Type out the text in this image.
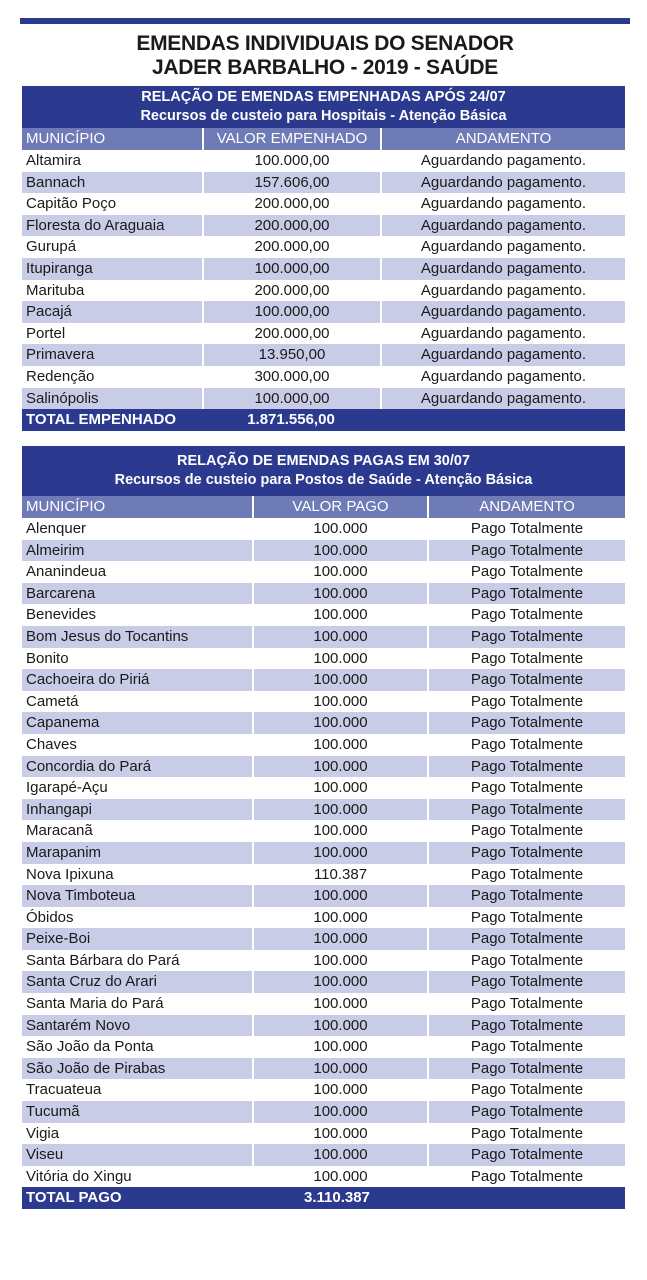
EMENDAS INDIVIDUAIS DO SENADOR
JADER BARBALHO - 2019 - SAÚDE
RELAÇÃO DE EMENDAS EMPENHADAS APÓS 24/07
Recursos de custeio para Hospitais - Atenção Básica
MUNICÍPIO	VALOR EMPENHADO	ANDAMENTO
Altamira	100.000,00	Aguardando pagamento.
Bannach	157.606,00	Aguardando pagamento.
Capitão Poço	200.000,00	Aguardando pagamento.
Floresta do Araguaia	200.000,00	Aguardando pagamento.
Gurupá	200.000,00	Aguardando pagamento.
Itupiranga	100.000,00	Aguardando pagamento.
Marituba	200.000,00	Aguardando pagamento.
Pacajá	100.000,00	Aguardando pagamento.
Portel	200.000,00	Aguardando pagamento.
Primavera	13.950,00	Aguardando pagamento.
Redenção	300.000,00	Aguardando pagamento.
Salinópolis	100.000,00	Aguardando pagamento.
TOTAL EMPENHADO	1.871.556,00
RELAÇÃO DE EMENDAS PAGAS EM 30/07
Recursos de custeio para Postos de Saúde - Atenção Básica
MUNICÍPIO	VALOR PAGO	ANDAMENTO
Alenquer	100.000	Pago Totalmente
Almeirim	100.000	Pago Totalmente
Ananindeua	100.000	Pago Totalmente
Barcarena	100.000	Pago Totalmente
Benevides	100.000	Pago Totalmente
Bom Jesus do Tocantins	100.000	Pago Totalmente
Bonito	100.000	Pago Totalmente
Cachoeira do Piriá	100.000	Pago Totalmente
Cametá	100.000	Pago Totalmente
Capanema	100.000	Pago Totalmente
Chaves	100.000	Pago Totalmente
Concordia do Pará	100.000	Pago Totalmente
Igarapé-Açu	100.000	Pago Totalmente
Inhangapi	100.000	Pago Totalmente
Maracanã	100.000	Pago Totalmente
Marapanim	100.000	Pago Totalmente
Nova Ipixuna	110.387	Pago Totalmente
Nova Timboteua	100.000	Pago Totalmente
Óbidos	100.000	Pago Totalmente
Peixe-Boi	100.000	Pago Totalmente
Santa Bárbara do Pará	100.000	Pago Totalmente
Santa Cruz do Arari	100.000	Pago Totalmente
Santa Maria do Pará	100.000	Pago Totalmente
Santarém Novo	100.000	Pago Totalmente
São João da Ponta	100.000	Pago Totalmente
São João de Pirabas	100.000	Pago Totalmente
Tracuateua	100.000	Pago Totalmente
Tucumã	100.000	Pago Totalmente
Vigia	100.000	Pago Totalmente
Viseu	100.000	Pago Totalmente
Vitória do Xingu	100.000	Pago Totalmente
TOTAL PAGO	3.110.387
